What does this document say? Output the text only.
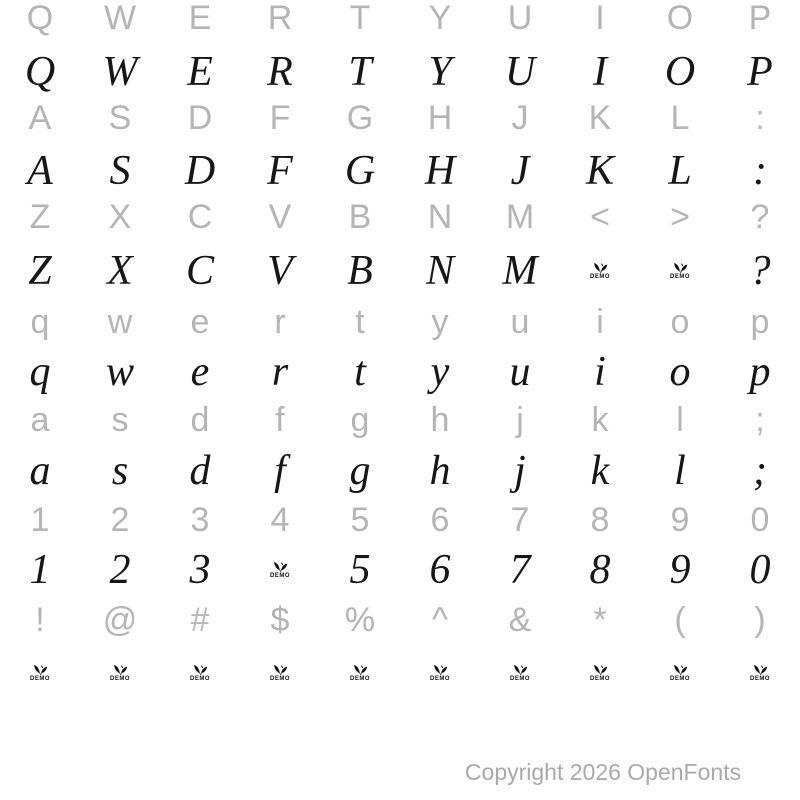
Copyright 2026 OpenFonts
Q	W	E	R	T	Y	U	I	O	P
Q	W	E	R	T	Y	U	I	O	P
A	S	D	F	G	H	J	K	L	:
A	S	D	F	G	H	J	K	L	:
Z	X	C	V	B	N	M	<	>	?
Z	X	C	V	B	N	M	DEMO	DEMO	?
q	w	e	r	t	y	u	i	o	p
q	w	e	r	t	y	u	i	o	p
a	s	d	f	g	h	j	k	l	;
a	s	d	f	g	h	j	k	l	;
1	2	3	4	5	6	7	8	9	0
1	2	3	DEMO	5	6	7	8	9	0
!	@	#	$	%	^	&	*	(	)
DEMO	DEMO	DEMO	DEMO	DEMO	DEMO	DEMO	DEMO	DEMO	DEMO
